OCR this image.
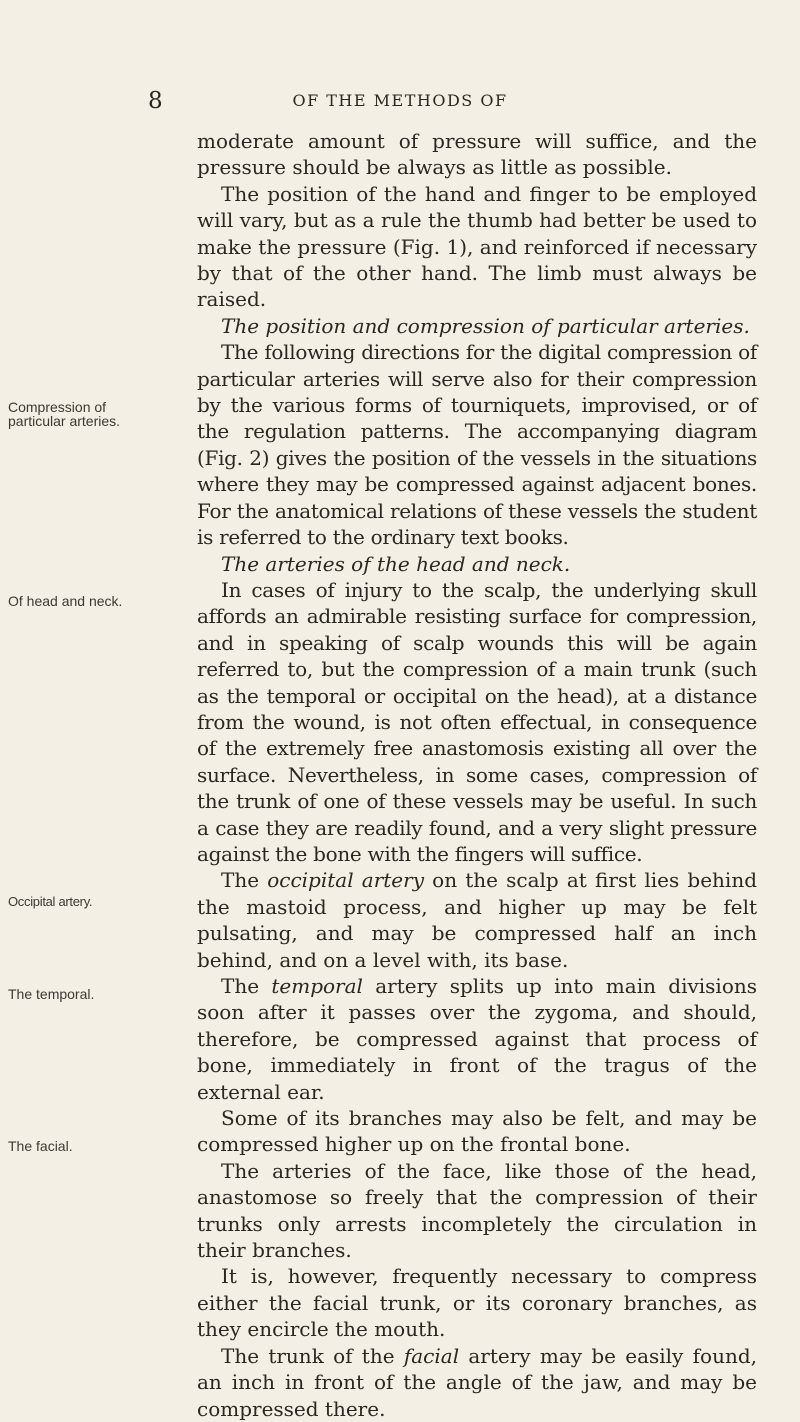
8	OF THE METHODS OF
Compression of particular arteries.
Of head and neck.
Occipital artery.
The temporal.
The facial.

moderate amount of pressure will suffice, and the pressure should be always as little as possible.

The position of the hand and finger to be employed will vary, but as a rule the thumb had better be used to make the pressure (Fig. 1), and reinforced if necessary by that of the other hand. The limb must always be raised.

The position and compression of particular arteries.

The following directions for the digital compression of particular arteries will serve also for their compression by the various forms of tourniquets, improvised, or of the regulation patterns. The accompanying diagram (Fig. 2) gives the position of the vessels in the situations where they may be compressed against adjacent bones. For the anatomical relations of these vessels the student is referred to the ordinary text books.

The arteries of the head and neck.

In cases of injury to the scalp, the underlying skull affords an admirable resisting surface for compression, and in speaking of scalp wounds this will be again referred to, but the compression of a main trunk (such as the temporal or occipital on the head), at a distance from the wound, is not often effectual, in consequence of the extremely free anastomosis existing all over the surface. Nevertheless, in some cases, compression of the trunk of one of these vessels may be useful. In such a case they are readily found, and a very slight pressure against the bone with the fingers will suffice.

The occipital artery on the scalp at first lies behind the mastoid process, and higher up may be felt pulsating, and may be compressed half an inch behind, and on a level with, its base.

The temporal artery splits up into main divisions soon after it passes over the zygoma, and should, therefore, be compressed against that process of bone, immediately in front of the tragus of the external ear.

Some of its branches may also be felt, and may be compressed higher up on the frontal bone.

The arteries of the face, like those of the head, anastomose so freely that the compression of their trunks only arrests incompletely the circulation in their branches.

It is, however, frequently necessary to compress either the facial trunk, or its coronary branches, as they encircle the mouth.

The trunk of the facial artery may be easily found, an inch in front of the angle of the jaw, and may be compressed there.
